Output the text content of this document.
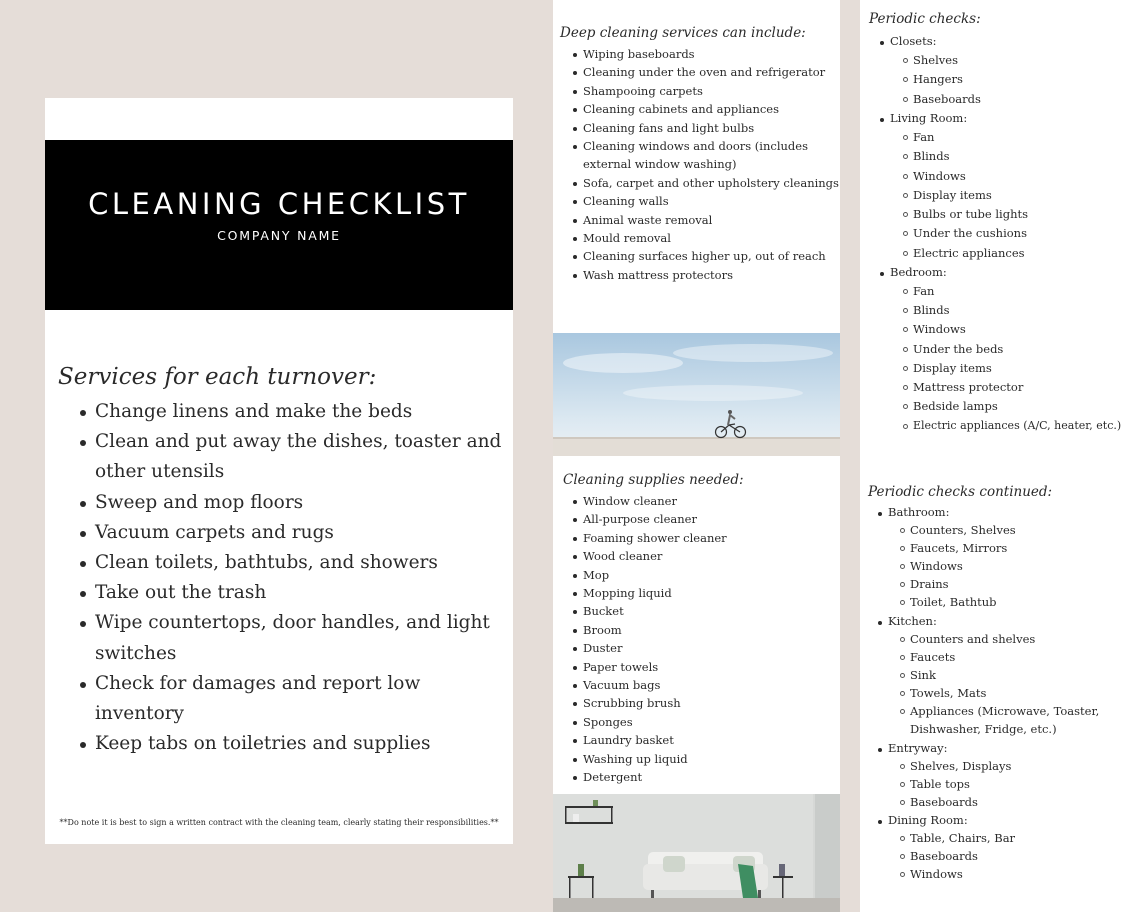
CLEANING CHECKLIST
COMPANY NAME
Services for each turnover:
Change linens and make the beds
Clean and put away the dishes, toaster and other utensils
Sweep and mop floors
Vacuum carpets and rugs
Clean toilets, bathtubs, and showers
Take out the trash
Wipe countertops, door handles, and light switches
Check for damages and report low inventory
Keep tabs on toiletries and supplies
**Do note it is best to sign a written contract with the cleaning team, clearly stating their responsibilities.**
Deep cleaning services can include:
Wiping baseboards
Cleaning under the oven and refrigerator
Shampooing carpets
Cleaning cabinets and appliances
Cleaning fans and light bulbs
Cleaning windows and doors (includes external window washing)
Sofa, carpet and other upholstery cleanings
Cleaning walls
Animal waste removal
Mould removal
Cleaning surfaces higher up, out of reach
Wash mattress protectors
Cleaning supplies needed:
Window cleaner
All-purpose cleaner
Foaming shower cleaner
Wood cleaner
Mop
Mopping liquid
Bucket
Broom
Duster
Paper towels
Vacuum bags
Scrubbing brush
Sponges
Laundry basket
Washing up liquid
Detergent
Periodic checks:
Closets:
Shelves
Hangers
Baseboards
Living Room:
Fan
Blinds
Windows
Display items
Bulbs or tube lights
Under the cushions
Electric appliances
Bedroom:
Fan
Blinds
Windows
Under the beds
Display items
Mattress protector
Bedside lamps
Electric appliances (A/C, heater, etc.)
Periodic checks continued:
Bathroom:
Counters, Shelves
Faucets, Mirrors
Windows
Drains
Toilet, Bathtub
Kitchen:
Counters and shelves
Faucets
Sink
Towels, Mats
Appliances (Microwave, Toaster,
Dishwasher, Fridge, etc.)
Entryway:
Shelves, Displays
Table tops
Baseboards
Dining Room:
Table, Chairs, Bar
Baseboards
Windows
